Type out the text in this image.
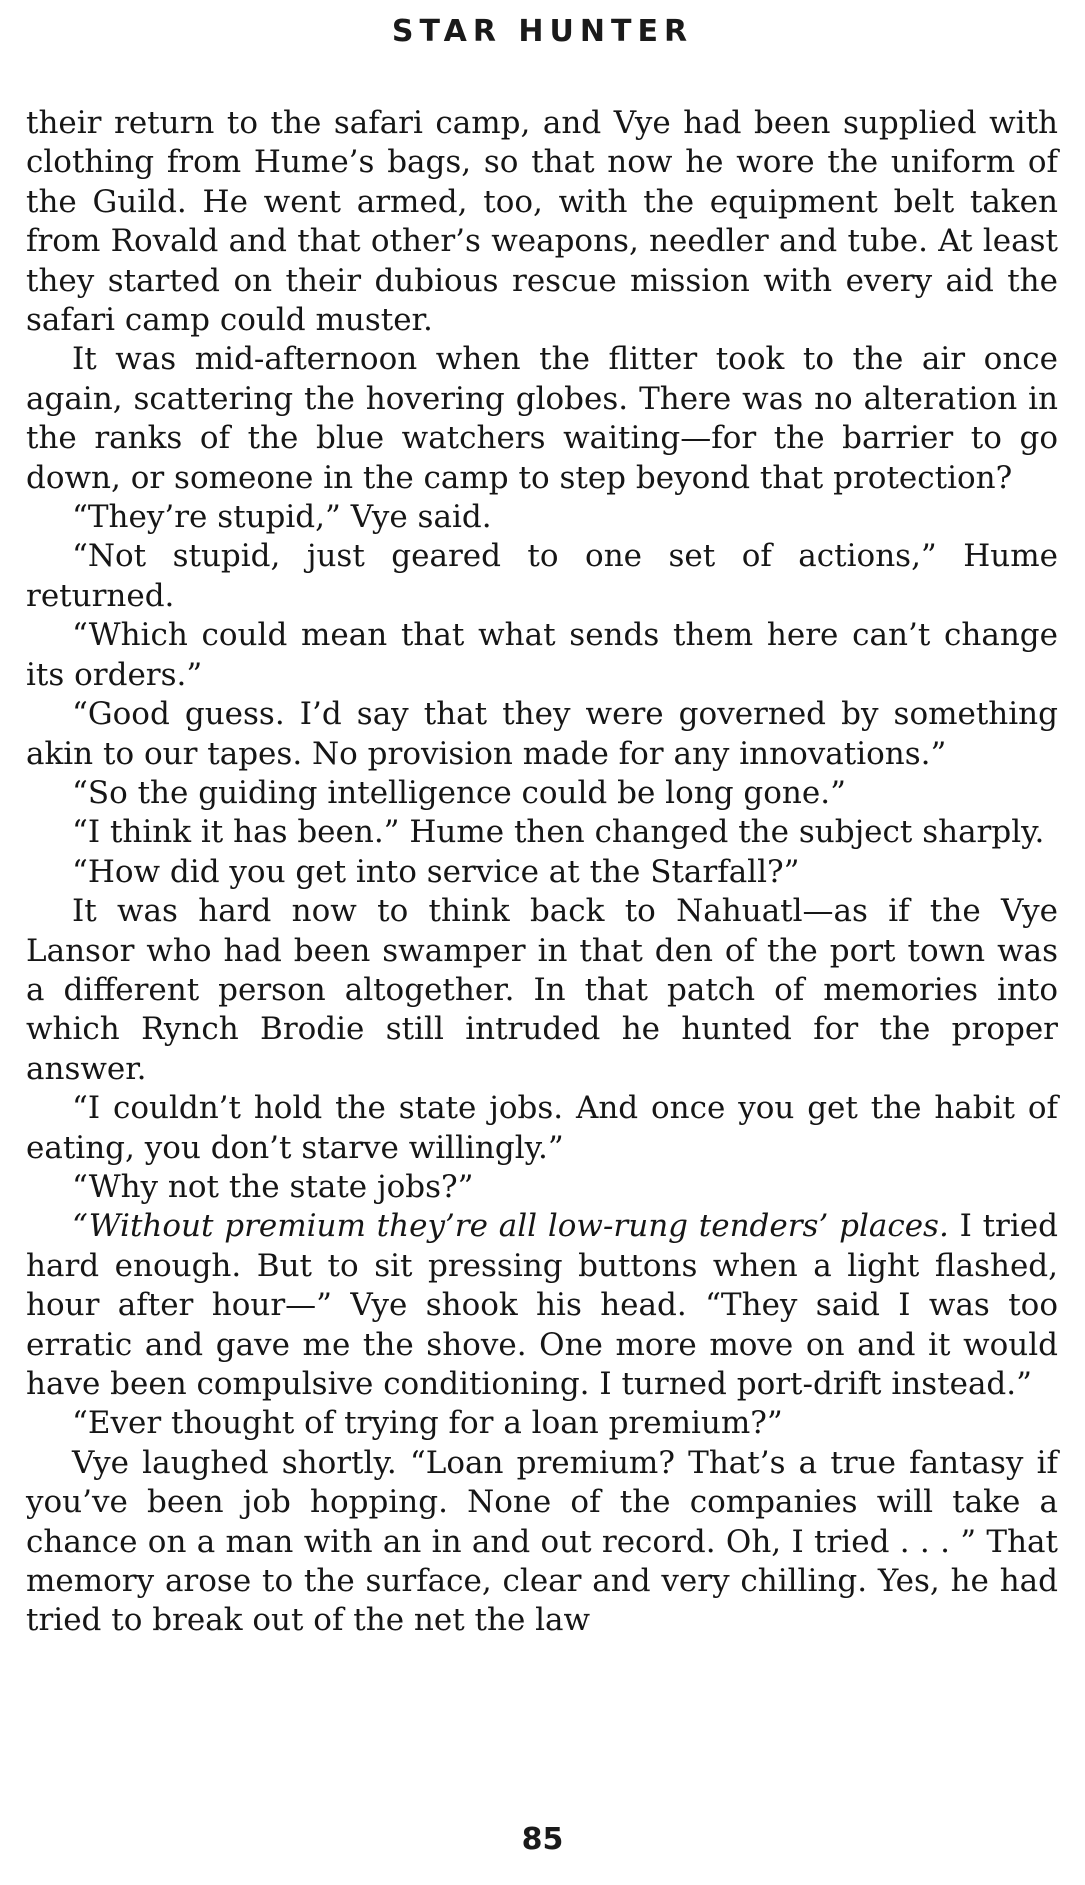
STAR HUNTER

their return to the safari camp, and Vye had been supplied with clothing from Hume’s bags, so that now he wore the uniform of the Guild. He went armed, too, with the equipment belt taken from Rovald and that other’s weapons, needler and tube. At least they started on their dubious rescue mission with every aid the safari camp could muster.

It was mid-afternoon when the flitter took to the air once again, scattering the hovering globes. There was no alteration in the ranks of the blue watchers waiting—for the barrier to go down, or someone in the camp to step beyond that protection?

“They’re stupid,” Vye said.

“Not stupid, just geared to one set of actions,” Hume returned.

“Which could mean that what sends them here can’t change its orders.”

“Good guess. I’d say that they were governed by something akin to our tapes. No provision made for any innovations.”

“So the guiding intelligence could be long gone.”

“I think it has been.” Hume then changed the subject sharply.

“How did you get into service at the Starfall?”

It was hard now to think back to Nahuatl—as if the Vye Lansor who had been swamper in that den of the port town was a different person altogether. In that patch of memories into which Rynch Brodie still intruded he hunted for the proper answer.

“I couldn’t hold the state jobs. And once you get the habit of eating, you don’t starve willingly.”

“Why not the state jobs?”

“Without premium they’re all low-rung tenders’ places. I tried hard enough. But to sit pressing buttons when a light flashed, hour after hour—” Vye shook his head. “They said I was too erratic and gave me the shove. One more move on and it would have been compulsive conditioning. I turned port-drift instead.”

“Ever thought of trying for a loan premium?”

Vye laughed shortly. “Loan premium? That’s a true fantasy if you’ve been job hopping. None of the companies will take a chance on a man with an in and out record. Oh, I tried . . . ” That memory arose to the surface, clear and very chilling. Yes, he had tried to break out of the net the law

85
